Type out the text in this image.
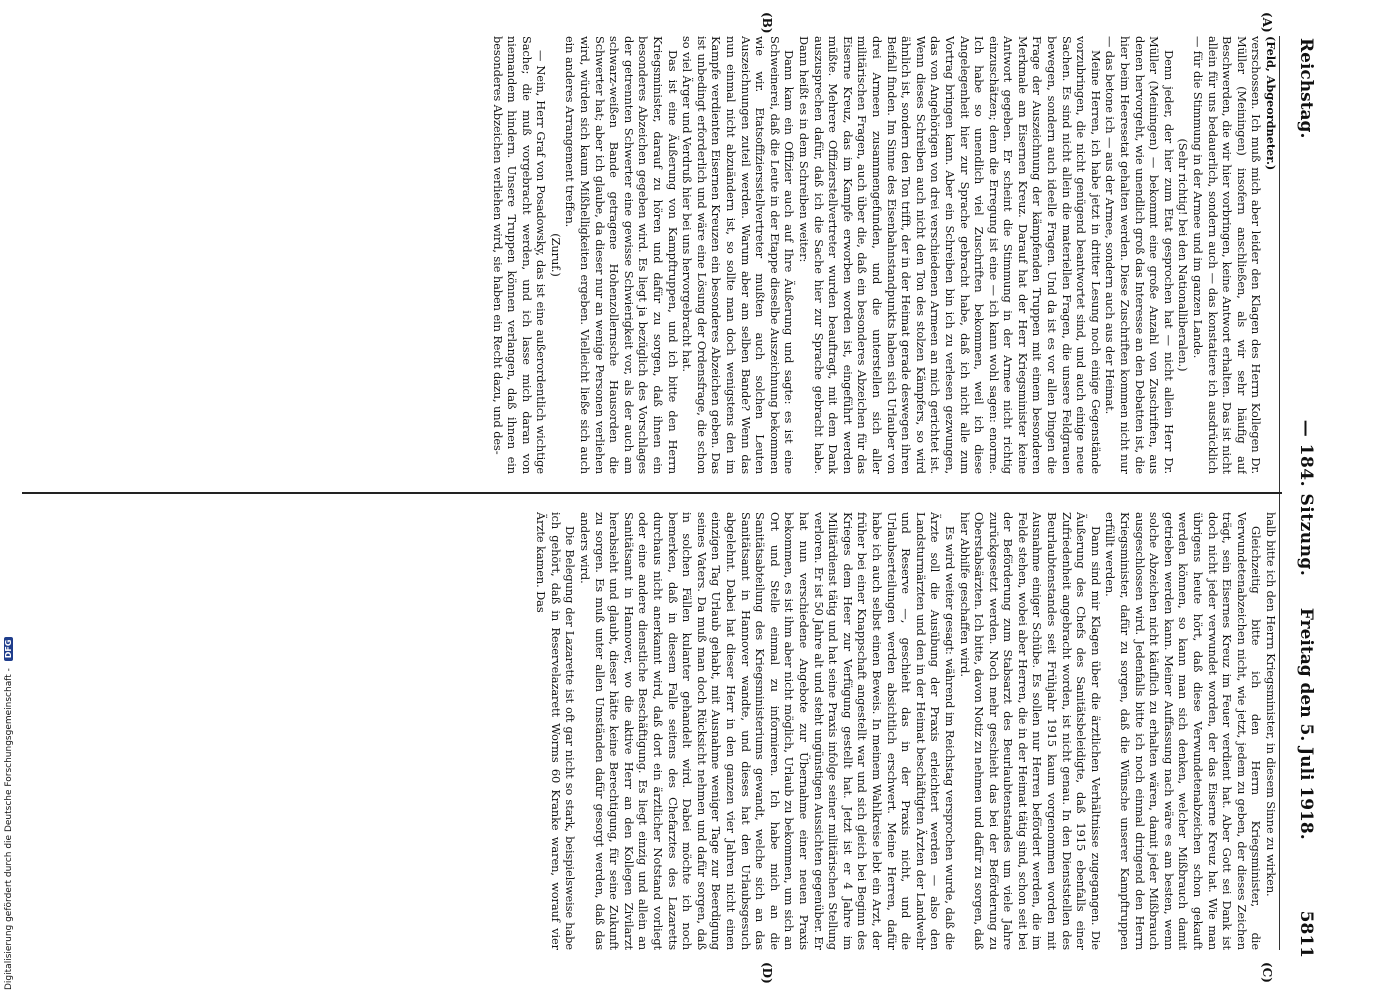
Reichstag.
— 184. Sitzung.
Freitag den 5. Juli 1918.            5811
(A)
(B)
(C)
(D)

(Feld, Abgeordneter.)

verschossen. Ich muß mich aber leider den Klagen des Herrn Kollegen Dr. Müller (Meiningen) insofern anschließen, als wir sehr häufig auf Beschwerden, die wir hier vorbringen, keine Antwort erhalten. Das ist nicht allein für uns bedauerlich, sondern auch — das konstatiere ich ausdrücklich — für die Stimmung in der Armee und im ganzen Lande.

(Sehr richtig! bei den Nationalliberalen.)

Denn jeder, der hier zum Etat gesprochen hat — nicht allein Herr Dr. Müller (Meiningen) — bekommt eine große Anzahl von Zuschriften, aus denen hervorgeht, wie unendlich groß das Interesse an den Debatten ist, die hier beim Heeresetat gehalten werden. Diese Zuschriften kommen nicht nur — das betone ich — aus der Armee, sondern auch aus der Heimat.

Meine Herren, ich habe jetzt in dritter Lesung noch einige Gegenstände vorzubringen, die nicht genügend beantwortet sind, und auch einige neue Sachen. Es sind nicht allein die materiellen Fragen, die unsere Feldgrauen bewegen, sondern auch ideelle Fragen. Und da ist es vor allen Dingen die Frage der Auszeichnung der kämpfenden Truppen mit einem besonderen Merkmale am Eisernen Kreuz. Darauf hat der Herr Kriegsminister keine Antwort gegeben. Er scheint die Stimmung in der Armee nicht richtig einzuschätzen; denn die Erregung ist eine — ich kann wohl sagen: enorme. Ich habe so unendlich viel Zuschriften bekommen, weil ich diese Angelegenheit hier zur Sprache gebracht habe, daß ich nicht alle zum Vortrag bringen kann. Aber ein Schreiben bin ich zu verlesen gezwungen, das von Angehörigen von drei verschiedenen Armeen an mich gerichtet ist. Wenn dieses Schreiben auch nicht den Ton des stolzen Kämpfers, so wird ähnlich ist, sondern den Ton trifft, der in der Heimat gerade deswegen ihren Beifall finden. Im Sinne des Eisenbahnstandpunkts haben sich Urlauber von drei Armeen zusammengefunden, und die unterstellen sich aller militärischen Fragen, auch über die, daß ein besonderes Abzeichen für das Eiserne Kreuz, das im Kampfe erworben worden ist, eingeführt werden müßte. Mehrere Offizierstellvertreter wurden beauftragt, mit dem Dank auszusprechen dafür, daß ich die Sache hier zur Sprache gebracht habe. Dann heißt es in dem Schreiben weiter:

Dann kam ein Offizier auch auf Ihre Äußerung und sagte: es ist eine Schweinerei, daß die Leute in der Etappe dieselbe Auszeichnung bekommen wie wir. Etatsoffiziersstellvertreter mußten auch solchen Leuten Auszeichnungen zuteil werden. Warum aber am selben Bande? Wenn das nun einmal nicht abzuändern ist, so sollte man doch wenigstens den im Kampfe verdienten Eisernen Kreuzen ein besonderes Abzeichen geben. Das ist unbedingt erforderlich und wäre eine Lösung der Ordensfrage, die schon so viel Ärger und Verdruß hier bei uns hervorgebracht hat.

Das ist eine Äußerung von Kampftruppen, und ich bitte den Herrn Kriegsminister, darauf zu hören und dafür zu sorgen, daß ihnen ein besonderes Abzeichen gegeben wird. Es liegt ja bezüglich des Vorschlages der getrennten Schwerter eine gewisse Schwierigkeit vor, als der auch am schwarz-weißen Bande getragene Hohenzollernsche Hausorden die Schwerter hat; aber ich glaube, da dieser nur an wenige Personen verliehen wird, würden sich kaum Mißhelligkeiten ergeben. Vielleicht ließe sich auch ein anderes Arrangement treffen.

(Zuruf.)

— Nein, Herr Graf von Posadowsky, das ist eine außerordentlich wichtige Sache; die muß vorgebracht werden, und ich lasse mich daran von niemandem hindern. Unsere Truppen können verlangen, daß ihnen ein besonderes Abzeichen verliehen wird, sie haben ein Recht dazu, und des-

halb bitte ich den Herrn Kriegsminister, in diesem Sinne zu wirken.

Gleichzeitig bitte ich den Herrn Kriegsminister, die Verwundetenabzeichen nicht, wie jetzt, jedem zu geben, der dieses Zeichen trägt, sein Eisernes Kreuz im Feuer verdient hat. Aber Gott sei Dank ist doch nicht jeder verwundet worden, der das Eiserne Kreuz hat. Wie man übrigens heute hört, daß diese Verwundetenabzeichen schon gekauft werden können, so kann man sich denken, welcher Mißbrauch damit getrieben werden kann. Meiner Auffassung nach wäre es am besten, wenn solche Abzeichen nicht käuflich zu erhalten wären, damit jeder Mißbrauch ausgeschlossen wird. Jedenfalls bitte ich noch einmal dringend den Herrn Kriegsminister, dafür zu sorgen, daß die Wünsche unserer Kampftruppen erfüllt werden.

Dann sind mir Klagen über die ärztlichen Verhältnisse zugegangen. Die Äußerung des Chefs des Sanitätsbeleidigte, daß 1915 ebenfalls einer Zufriedenheit angebracht worden, ist nicht genau. In den Dienststellen des Beurlaubtenstandes seit Frühjahr 1915 kaum vorgenommen worden mit Ausnahme einiger Schübe. Es sollen nur Herren befördert werden, die im Felde stehen, wobei aber Herren, die in der Heimat tätig sind, schon seit bei der Beförderung zum Stabsarzt des Beurlaubtenstandes um viele Jahre zurückgesetzt werden. Noch mehr geschieht das bei der Beförderung zu Oberstabsärzten. Ich bitte, davon Notiz zu nehmen und dafür zu sorgen, daß hier Abhilfe geschaffen wird.

Es wird weiter gesagt: während im Reichstag versprochen wurde, daß die Ärzte soll die Ausübung der Praxis erleichtert werden — also den Landsturmärzten und den in der Heimat beschäftigten Ärzten der Landwehr und Reserve —, geschieht das in der Praxis nicht, und die Urlaubserteilungen werden absichtlich erschwert. Meine Herren, dafür habe ich auch selbst einen Beweis. In meinem Wahlkreise lebt ein Arzt, der früher bei einer Knappschaft angestellt war und sich gleich bei Beginn des Krieges dem Heer zur Verfügung gestellt hat. Jetzt ist er 4 Jahre im Militärdienst tätig und hat seine Praxis infolge seiner militärischen Stellung verloren. Er ist 50 Jahre alt und steht ungünstigen Aussichten gegenüber. Er hat nun verschiedene Angebote zur Übernahme einer neuen Praxis bekommen, es ist ihm aber nicht möglich, Urlaub zu bekommen, um sich an Ort und Stelle einmal zu informieren. Ich habe mich an die Sanitätsabteilung des Kriegsministeriums gewandt, welche sich an das Sanitätsamt in Hannover wandte, und dieses hat den Urlaubsgesuch abgelehnt. Dabei hat dieser Herr in den ganzen vier Jahren nicht einen einzigen Tag Urlaub gehabt, mit Ausnahme weniger Tage zur Beerdigung seines Vaters. Da muß man doch Rücksicht nehmen und dafür sorgen, daß in solchen Fällen kulanter gehandelt wird. Dabei möchte ich noch bemerken, daß in diesem Falle seitens des Chefarztes des Lazaretts durchaus nicht anerkannt wird, daß dort ein ärztlicher Notstand vorliegt oder eine andere dienstliche Beschäftigung. Es liegt einzig und allein an Sanitätsamt in Hannover, wo die aktive Herr an den Kollegen Zivilarzt herabsieht und glaubt, dieser hätte keine Berechtigung, für seine Zukunft zu sorgen. Es muß unter allen Umständen dafür gesorgt werden, daß das anders wird.

Die Belegung der Lazarette ist oft gar nicht so stark, beispielsweise habe ich gehört, daß in Reservelazarett Worms 60 Kranke waren, worauf vier Ärzte kamen. Das

Digitalisierung gefördert durch die Deutsche Forschungsgemeinschaft - DFG
